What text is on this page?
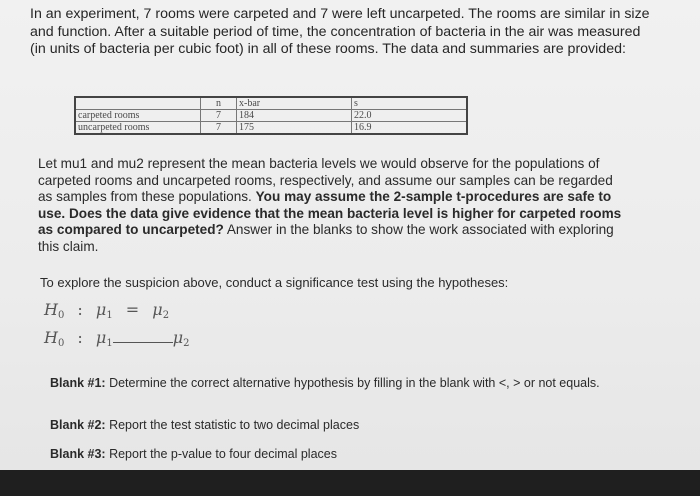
In an experiment, 7 rooms were carpeted and 7 were left uncarpeted. The rooms are similar in size and function. After a suitable period of time, the concentration of bacteria in the air was measured (in units of bacteria per cubic foot) in all of these rooms. The data and summaries are provided:
	n	x-bar	s
carpeted rooms	7	184	22.0
uncarpeted rooms	7	175	16.9
Let mu1 and mu2 represent the mean bacteria levels we would observe for the populations of carpeted rooms and uncarpeted rooms, respectively, and assume our samples can be regarded as samples from these populations. You may assume the 2-sample t-procedures are safe to use. Does the data give evidence that the mean bacteria level is higher for carpeted rooms as compared to uncarpeted? Answer in the blanks to show the work associated with exploring this claim.
To explore the suspicion above, conduct a significance test using the hypotheses:
$H_0$ : $\mu_1 = \mu_2$
$H_0$ : $\mu_1$	$\mu_2$
Blank #1: Determine the correct alternative hypothesis by filling in the blank with <, > or not equals.
Blank #2: Report the test statistic to two decimal places
Blank #3: Report the p-value to four decimal places
